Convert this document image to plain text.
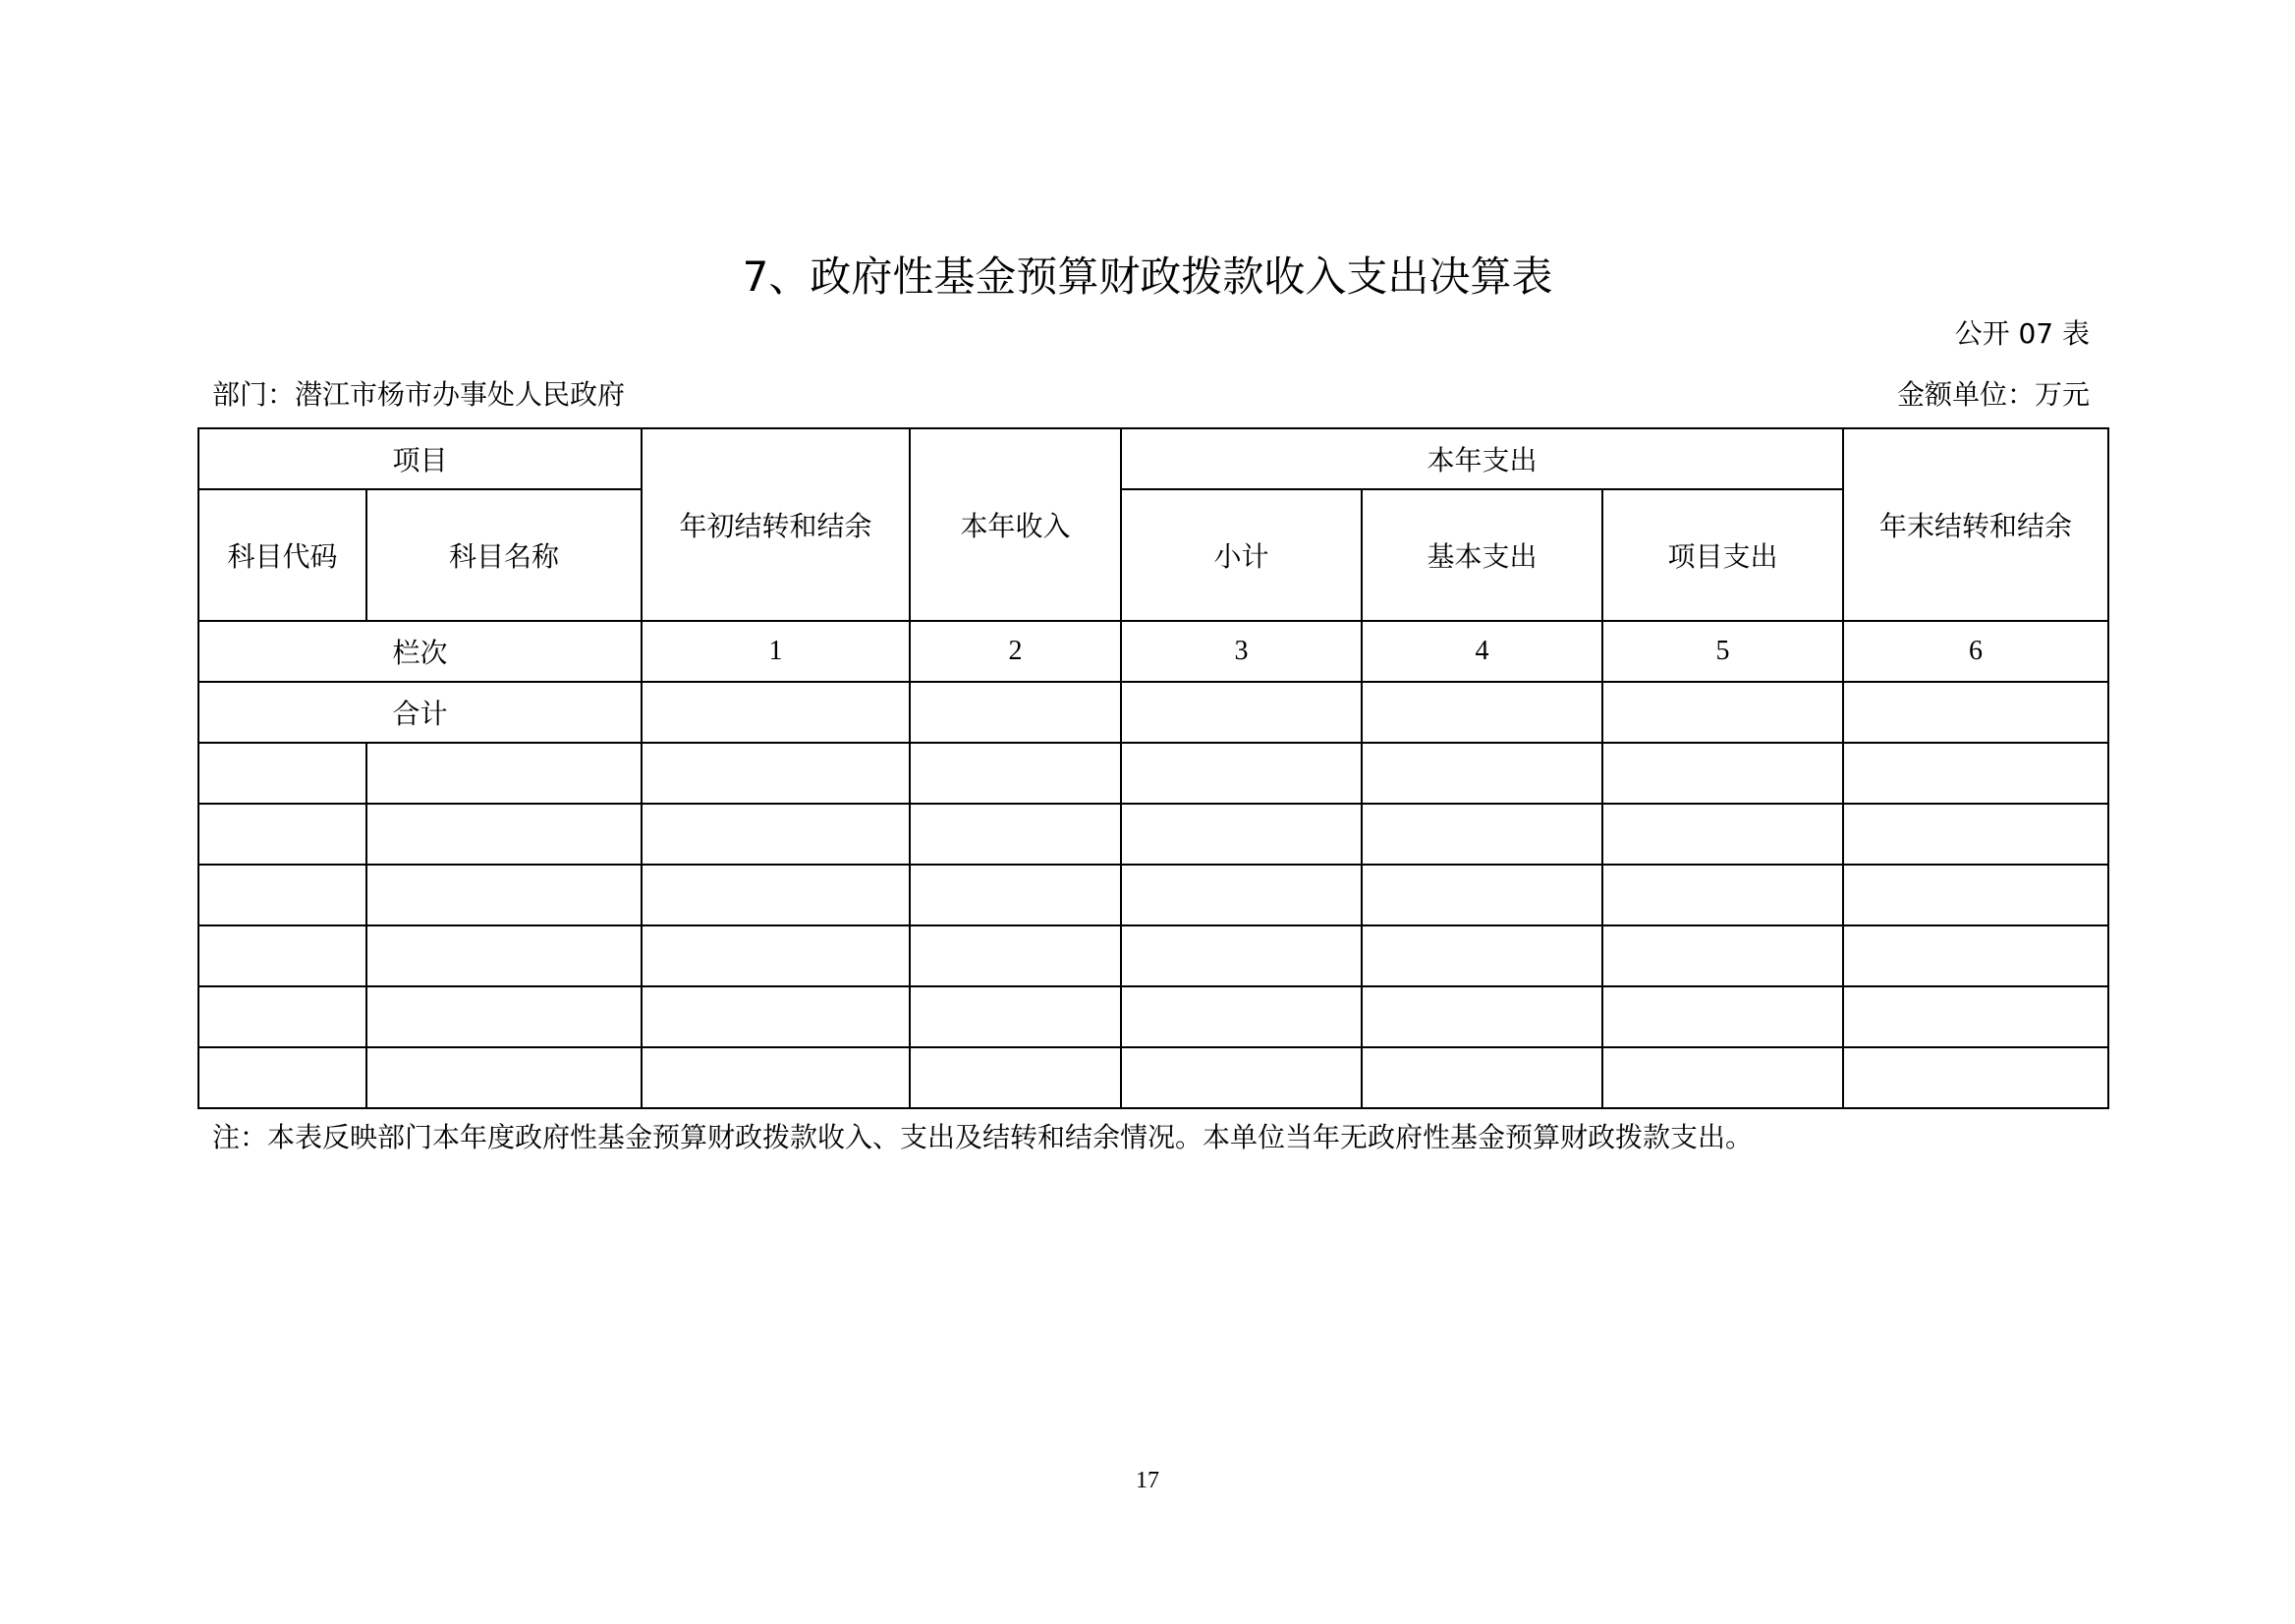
7、政府性基金预算财政拨款收入支出决算表
公开 07 表
部门：潜江市杨市办事处人民政府	金额单位：万元
项目		年初结转和结余	本年收入	本年支出			年末结转和结余
科目代码	科目名称			小计	基本支出	项目支出	
栏次		1	2	3	4	5	6
合计							

注：本表反映部门本年度政府性基金预算财政拨款收入、支出及结转和结余情况。本单位当年无政府性基金预算财政拨款支出。
17
